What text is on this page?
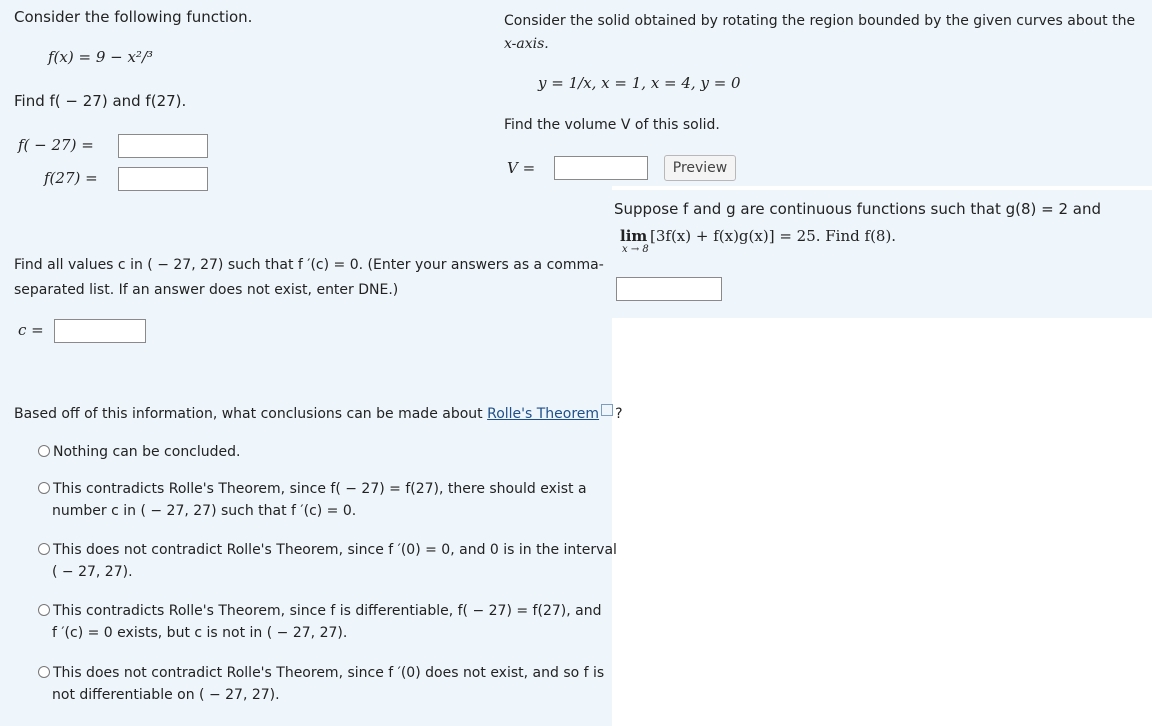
Consider the following function.
f(x) = 9 − x²/³
Find f( − 27) and f(27).
f( − 27) =
f(27) =
Find all values c in ( − 27, 27) such that f ′(c) = 0. (Enter your answers as a comma-
separated list. If an answer does not exist, enter DNE.)
c =
Based off of this information, what conclusions can be made about Rolle's Theorem ?
Nothing can be concluded.
This contradicts Rolle's Theorem, since f( − 27) = f(27), there should exist a
number c in ( − 27, 27) such that f ′(c) = 0.
This does not contradict Rolle's Theorem, since f ′(0) = 0, and 0 is in the interval
( − 27, 27).
This contradicts Rolle's Theorem, since f is differentiable, f( − 27) = f(27), and
f ′(c) = 0 exists, but c is not in ( − 27, 27).
This does not contradict Rolle's Theorem, since f ′(0) does not exist, and so f is
not differentiable on ( − 27, 27).
Consider the solid obtained by rotating the region bounded by the given curves about the
x-axis.
y = 1/x, x = 1, x = 4, y = 0
Find the volume V of this solid.
V =	Preview
Suppose f and g are continuous functions such that g(8) = 2 and
lim
x → 8
[3f(x) + f(x)g(x)] = 25. Find f(8).
